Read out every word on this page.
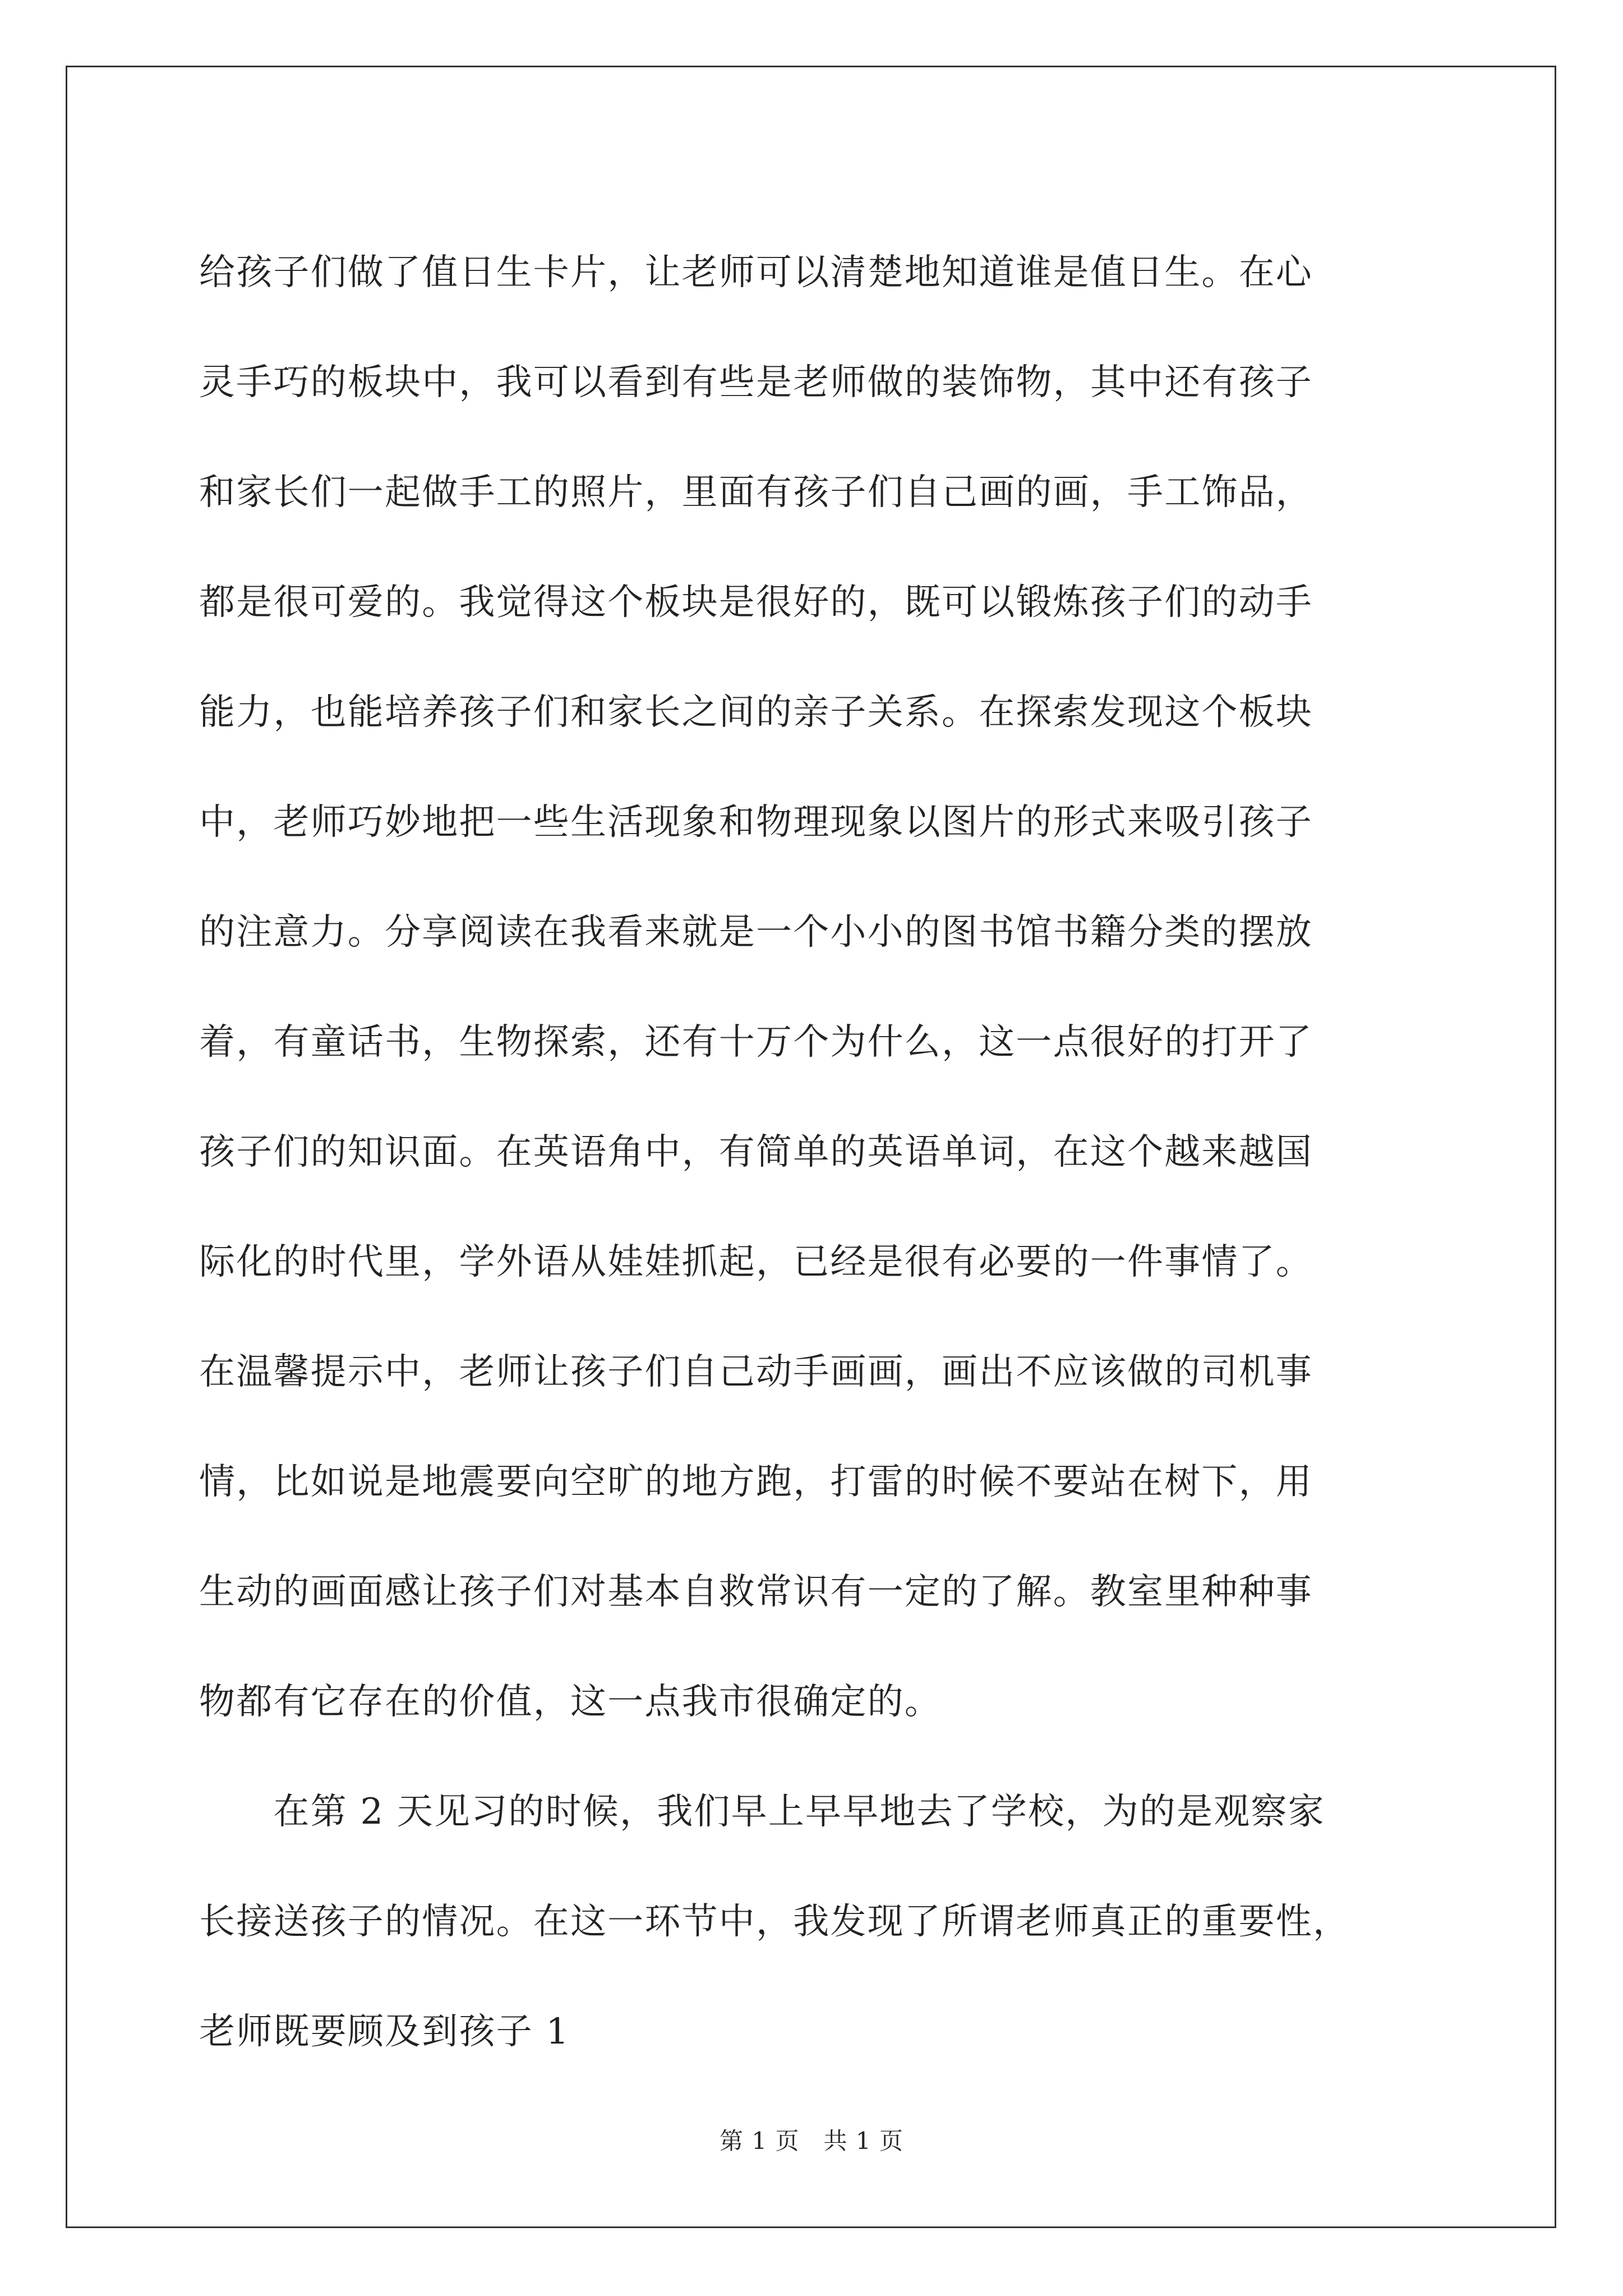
给孩子们做了值日生卡片，让老师可以清楚地知道谁是值日生。在心
灵手巧的板块中，我可以看到有些是老师做的装饰物，其中还有孩子
和家长们一起做手工的照片，里面有孩子们自己画的画，手工饰品，
都是很可爱的。我觉得这个板块是很好的，既可以锻炼孩子们的动手
能力，也能培养孩子们和家长之间的亲子关系。在探索发现这个板块
中，老师巧妙地把一些生活现象和物理现象以图片的形式来吸引孩子
的注意力。分享阅读在我看来就是一个小小的图书馆书籍分类的摆放
着，有童话书，生物探索，还有十万个为什么，这一点很好的打开了
孩子们的知识面。在英语角中，有简单的英语单词，在这个越来越国
际化的时代里，学外语从娃娃抓起，已经是很有必要的一件事情了。
在温馨提示中，老师让孩子们自己动手画画，画出不应该做的司机事
情，比如说是地震要向空旷的地方跑，打雷的时候不要站在树下，用
生动的画面感让孩子们对基本自救常识有一定的了解。教室里种种事
物都有它存在的价值，这一点我市很确定的。
　　在第 2 天见习的时候，我们早上早早地去了学校，为的是观察家
长接送孩子的情况。在这一环节中，我发现了所谓老师真正的重要性，
老师既要顾及到孩子 1
第 1 页   共 1 页
